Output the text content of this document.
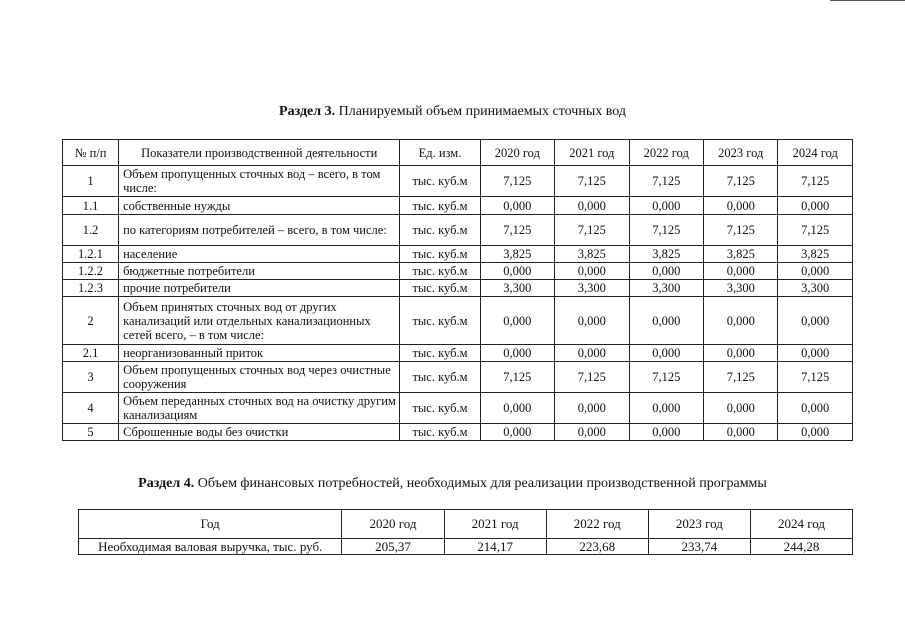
Раздел 3. Планируемый объем принимаемых сточных вод
№ п/п	Показатели производственной деятельности	Ед. изм.	2020 год	2021 год	2022 год	2023 год	2024 год
1	Объем пропущенных сточных вод – всего, в том числе:	тыс. куб.м	7,125	7,125	7,125	7,125	7,125
1.1	собственные нужды	тыс. куб.м	0,000	0,000	0,000	0,000	0,000
1.2	по категориям потребителей – всего, в том числе:	тыс. куб.м	7,125	7,125	7,125	7,125	7,125
1.2.1	население	тыс. куб.м	3,825	3,825	3,825	3,825	3,825
1.2.2	бюджетные потребители	тыс. куб.м	0,000	0,000	0,000	0,000	0,000
1.2.3	прочие потребители	тыс. куб.м	3,300	3,300	3,300	3,300	3,300
2	Объем принятых сточных вод от других канализаций или отдельных канализационных сетей всего, – в том числе:	тыс. куб.м	0,000	0,000	0,000	0,000	0,000
2.1	неорганизованный приток	тыс. куб.м	0,000	0,000	0,000	0,000	0,000
3	Объем пропущенных сточных вод через очистные сооружения	тыс. куб.м	7,125	7,125	7,125	7,125	7,125
4	Объем переданных сточных вод на очистку другим канализациям	тыс. куб.м	0,000	0,000	0,000	0,000	0,000
5	Сброшенные воды без очистки	тыс. куб.м	0,000	0,000	0,000	0,000	0,000
Раздел 4. Объем финансовых потребностей, необходимых для реализации производственной программы
Год	2020 год	2021 год	2022 год	2023 год	2024 год
Необходимая валовая выручка, тыс. руб.	205,37	214,17	223,68	233,74	244,28
